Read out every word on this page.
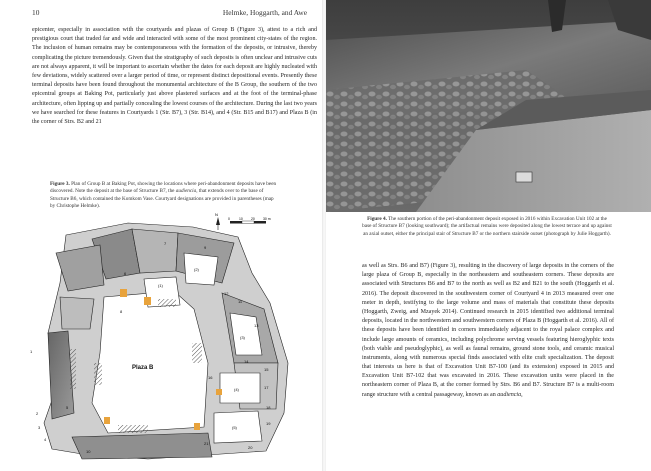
10	Helmke, Hoggarth, and Awe
epicenter, especially in association with the courtyards and plazas of Group B (Figure 3), attest to a rich and prestigious court that traded far and wide and interacted with some of the most prominent city-states of the region. The inclusion of human remains may be contemporaneous with the formation of the deposits, or intrusive, thereby complicating the picture tremendously. Given that the stratigraphy of such deposits is often unclear and intrusive cuts are not always apparent, it will be important to ascertain whether the dates for each deposit are highly nucleated with few deviations, widely scattered over a larger period of time, or represent distinct depositional events. Presently these terminal deposits have been found throughout the monumental architecture of the B Group, the southern of the two epicentral groups at Baking Pot, particularly just above plastered surfaces and at the foot of the terminal-phase architecture, often lipping up and partially concealing the lowest courses of the architecture. During the last two years we have searched for these features in Courtyards 1 (Str. B7), 3 (Str. B14), and 4 (Str. B15 and B17) and Plaza B (in the corner of Strs. B2 and 21
Figure 3. Plan of Group B at Baking Pot, showing the locations where peri-abandonment deposits have been discovered. Note the deposit at the base of Structure B7, the audiencia, that extends over to the base of Structure B6, which contained the Komkom Vase. Courtyard designations are provided in parentheses (map by Christophe Helmke).
N
0	10 20 30 m
Plaza B
1
2
3
4
5
6
7
8
9
10
11
12
13
14
15
16
17
18
19
20
21
(1)
(2)
(3)
(4)
(5)
Figure 4. The southern portion of the peri-abandonment deposit exposed in 2016 within Excavation Unit 102 at the base of Structure B7 (looking southward); the artifactual remains were deposited along the lowest terrace and up against an axial outset, either the principal stair of Structure B7 or the northern stairside outset (photograph by Julie Hoggarth).
as well as Strs. B6 and B7) (Figure 3), resulting in the discovery of large deposits in the corners of the large plaza of Group B, especially in the northeastern and southeastern corners. These deposits are associated with Structures B6 and B7 to the north as well as B2 and B21 to the south (Hoggarth et al. 2016). The deposit discovered in the southwestern corner of Courtyard 4 in 2013 measured over one meter in depth, testifying to the large volume and mass of materials that constitute these deposits (Hoggarth, Zweig, and Mzayek 2014). Continued research in 2015 identified two additional terminal deposits, located in the northwestern and southwestern corners of Plaza B (Hoggarth et al. 2016). All of these deposits have been identified in corners immediately adjacent to the royal palace complex and include large amounts of ceramics, including polychrome serving vessels featuring hieroglyphic texts (both viable and pseudoglyphic), as well as faunal remains, ground stone tools, and ceramic musical instruments, along with numerous special finds associated with elite craft specialization. The deposit that interests us here is that of Excavation Unit B7-100 (and its extension) exposed in 2015 and Excavation Unit B7-102 that was excavated in 2016. These excavation units were placed in the northeastern corner of Plaza B, at the corner formed by Strs. B6 and B7. Structure B7 is a multi-room range structure with a central passageway, known as an audiencia,
